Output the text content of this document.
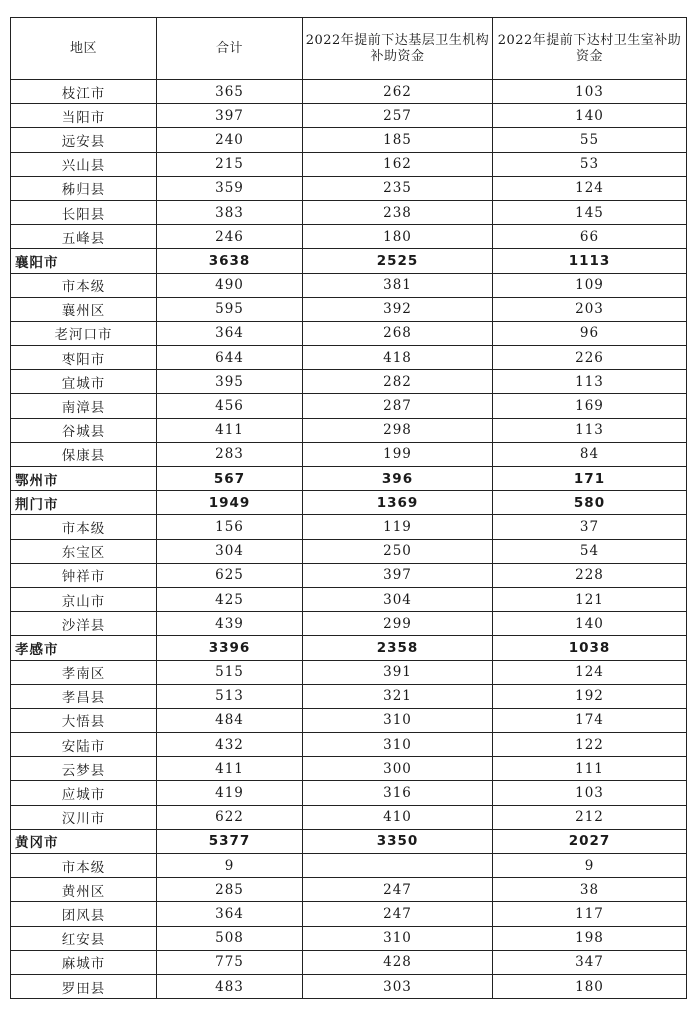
地区	合计	2022年提前下达基层卫生机构补助资金	2022年提前下达村卫生室补助资金
枝江市	365	262	103
当阳市	397	257	140
远安县	240	185	55
兴山县	215	162	53
秭归县	359	235	124
长阳县	383	238	145
五峰县	246	180	66
襄阳市	3638	2525	1113
市本级	490	381	109
襄州区	595	392	203
老河口市	364	268	96
枣阳市	644	418	226
宜城市	395	282	113
南漳县	456	287	169
谷城县	411	298	113
保康县	283	199	84
鄂州市	567	396	171
荆门市	1949	1369	580
市本级	156	119	37
东宝区	304	250	54
钟祥市	625	397	228
京山市	425	304	121
沙洋县	439	299	140
孝感市	3396	2358	1038
孝南区	515	391	124
孝昌县	513	321	192
大悟县	484	310	174
安陆市	432	310	122
云梦县	411	300	111
应城市	419	316	103
汉川市	622	410	212
黄冈市	5377	3350	2027
市本级	9		9
黄州区	285	247	38
团风县	364	247	117
红安县	508	310	198
麻城市	775	428	347
罗田县	483	303	180
